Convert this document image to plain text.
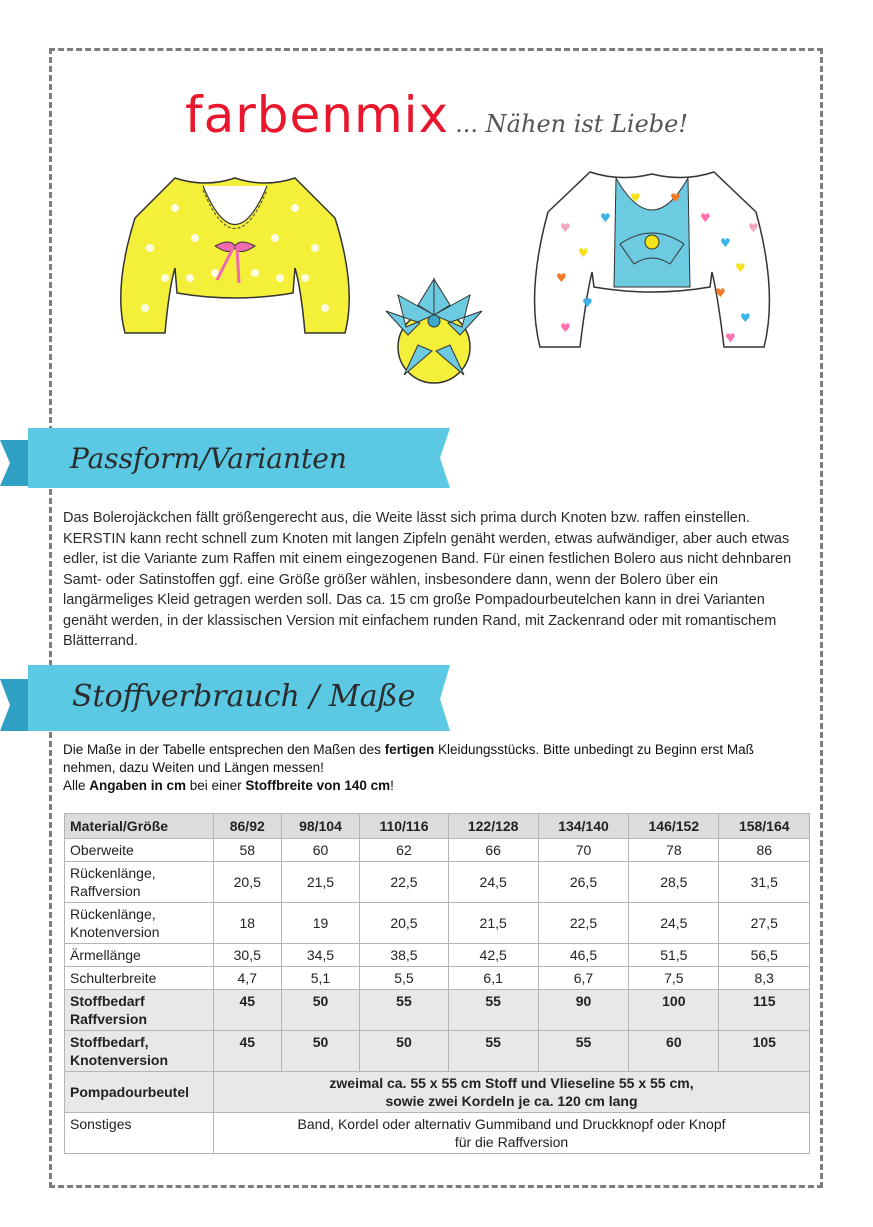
farbenmix ... Nähen ist Liebe!
♥
♥
♥
♥
♥
♥	♥
♥
♥
♥
♥
♥
♥ ♥
♥
Passform/Varianten
Das Bolerojäckchen fällt größengerecht aus, die Weite lässt sich prima durch Knoten bzw. raffen einstellen. KERSTIN kann recht schnell zum Knoten mit langen Zipfeln genäht werden, etwas aufwändiger, aber auch etwas edler, ist die Variante zum Raffen mit einem eingezogenen Band. Für einen festlichen Bolero aus nicht dehnbaren Samt- oder Satinstoffen ggf. eine Größe größer wählen, insbesondere dann, wenn der Bolero über ein langärmeliges Kleid getragen werden soll. Das ca. 15 cm große Pompadourbeutelchen kann in drei Varianten genäht werden, in der klassischen Version mit einfachem runden Rand, mit Zackenrand oder mit romantischem Blätterrand.
Stoffverbrauch / Maße
Die Maße in der Tabelle entsprechen den Maßen des fertigen Kleidungsstücks. Bitte unbedingt zu Beginn erst Maß nehmen, dazu Weiten und Längen messen!
Alle Angaben in cm bei einer Stoffbreite von 140 cm!
Material/Größe	86/92	98/104	110/116	122/128	134/140	146/152	158/164
Oberweite	58	60	62	66	70	78	86
Rückenlänge, Raffversion	20,5	21,5	22,5	24,5	26,5	28,5	31,5
Rückenlänge, Knotenversion	18	19	20,5	21,5	22,5	24,5	27,5
Ärmellänge	30,5	34,5	38,5	42,5	46,5	51,5	56,5
Schulterbreite	4,7	5,1	5,5	6,1	6,7	7,5	8,3
Stoffbedarf Raffversion	45	50	55	55	90	100	115
Stoffbedarf, Knotenversion	45	50	50	55	55	60	105
Pompadourbeutel	zweimal ca. 55 x 55 cm Stoff und Vlieseline 55 x 55 cm,
sowie zwei Kordeln je ca. 120 cm lang						
Sonstiges	Band, Kordel oder alternativ Gummiband und Druckknopf oder Knopf
für die Raffversion						
